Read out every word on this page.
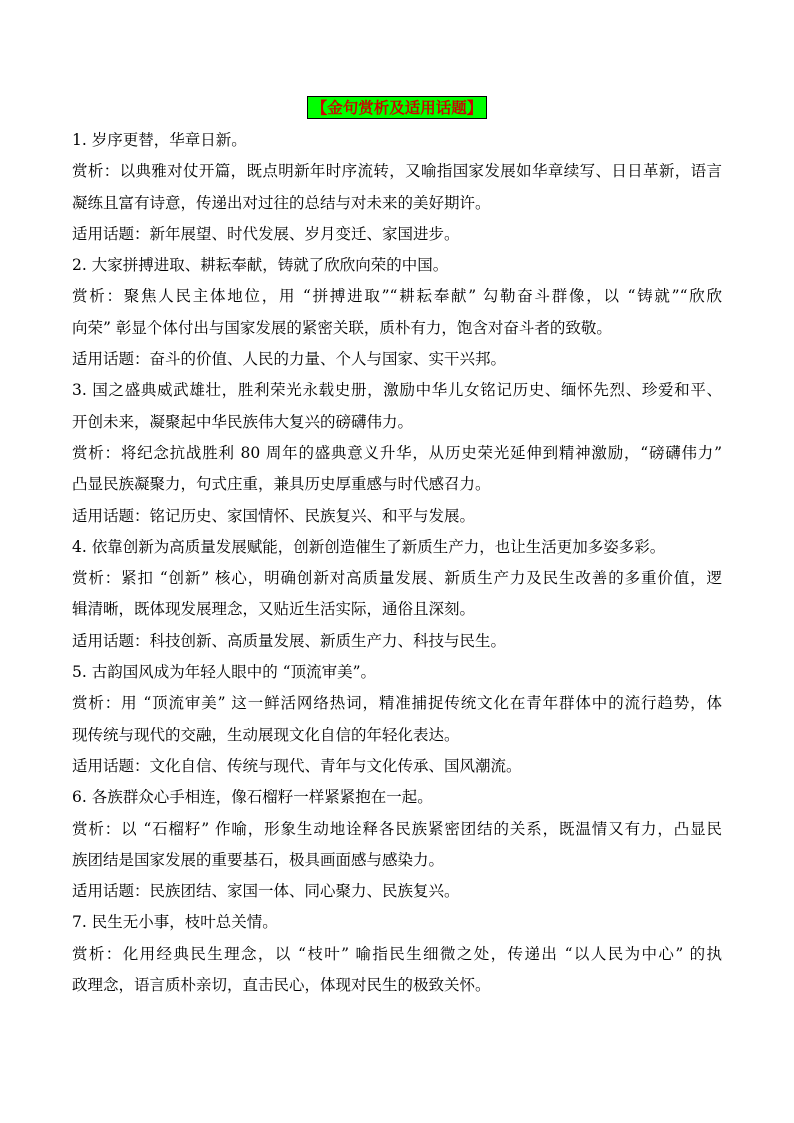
【金句赏析及适用话题】
1. 岁序更替，华章日新。
赏析：以典雅对仗开篇，既点明新年时序流转，又喻指国家发展如华章续写、日日革新，语言
凝练且富有诗意，传递出对过往的总结与对未来的美好期许。
适用话题：新年展望、时代发展、岁月变迁、家国进步。
2. 大家拼搏进取、耕耘奉献，铸就了欣欣向荣的中国。
赏析：聚焦人民主体地位，用 “拼搏进取”“耕耘奉献” 勾勒奋斗群像，以 “铸就”“欣欣
向荣” 彰显个体付出与国家发展的紧密关联，质朴有力，饱含对奋斗者的致敬。
适用话题：奋斗的价值、人民的力量、个人与国家、实干兴邦。
3. 国之盛典威武雄壮，胜利荣光永载史册，激励中华儿女铭记历史、缅怀先烈、珍爱和平、
开创未来，凝聚起中华民族伟大复兴的磅礴伟力。
赏析：将纪念抗战胜利 80 周年的盛典意义升华，从历史荣光延伸到精神激励，“磅礴伟力”
凸显民族凝聚力，句式庄重，兼具历史厚重感与时代感召力。
适用话题：铭记历史、家国情怀、民族复兴、和平与发展。
4. 依靠创新为高质量发展赋能，创新创造催生了新质生产力，也让生活更加多姿多彩。
赏析：紧扣 “创新” 核心，明确创新对高质量发展、新质生产力及民生改善的多重价值，逻
辑清晰，既体现发展理念，又贴近生活实际，通俗且深刻。
适用话题：科技创新、高质量发展、新质生产力、科技与民生。
5. 古韵国风成为年轻人眼中的 “顶流审美”。
赏析：用 “顶流审美” 这一鲜活网络热词，精准捕捉传统文化在青年群体中的流行趋势，体
现传统与现代的交融，生动展现文化自信的年轻化表达。
适用话题：文化自信、传统与现代、青年与文化传承、国风潮流。
6. 各族群众心手相连，像石榴籽一样紧紧抱在一起。
赏析：以 “石榴籽” 作喻，形象生动地诠释各民族紧密团结的关系，既温情又有力，凸显民
族团结是国家发展的重要基石，极具画面感与感染力。
适用话题：民族团结、家国一体、同心聚力、民族复兴。
7. 民生无小事，枝叶总关情。
赏析：化用经典民生理念，以 “枝叶” 喻指民生细微之处，传递出 “以人民为中心” 的执
政理念，语言质朴亲切，直击民心，体现对民生的极致关怀。
